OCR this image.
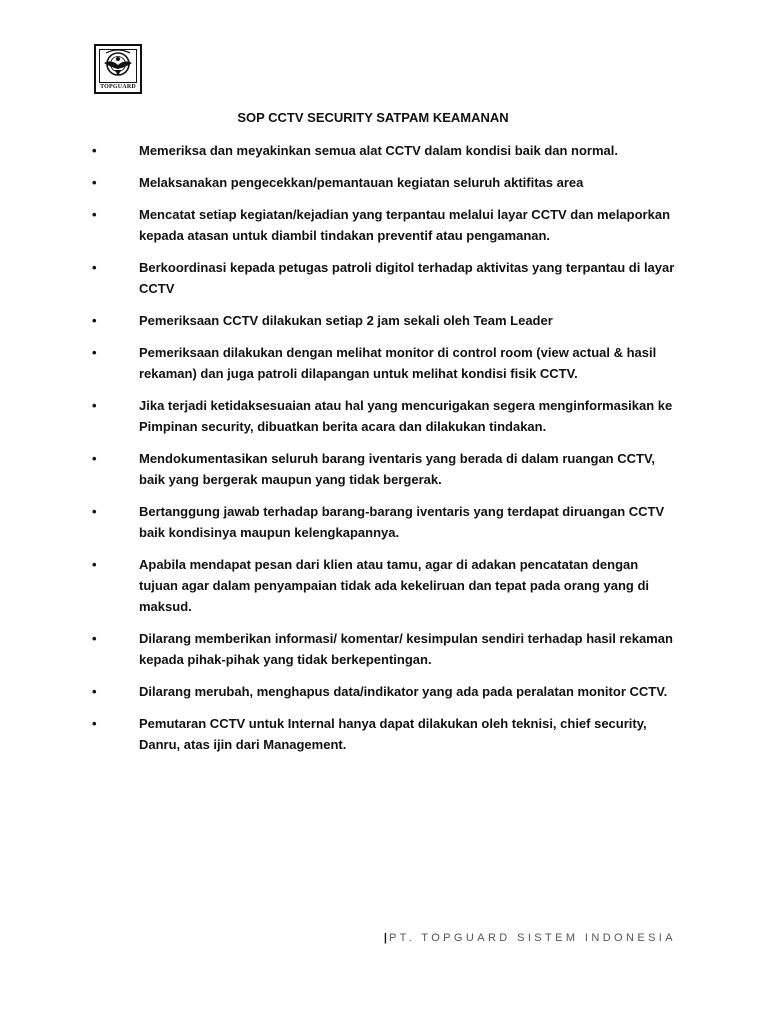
TOPGUARD
SOP CCTV SECURITY SATPAM KEAMANAN
•	Memeriksa dan meyakinkan semua alat CCTV dalam kondisi baik dan normal.
•	Melaksanakan pengecekkan/pemantauan kegiatan seluruh aktifitas area
•	Mencatat setiap kegiatan/kejadian yang terpantau melalui layar CCTV dan melaporkan kepada atasan untuk diambil tindakan preventif atau pengamanan.
•	Berkoordinasi kepada petugas patroli digitol terhadap aktivitas yang terpantau di layar CCTV
•	Pemeriksaan CCTV dilakukan setiap 2 jam sekali oleh Team Leader
•	Pemeriksaan dilakukan dengan melihat monitor di control room (view actual & hasil rekaman) dan juga patroli dilapangan untuk melihat kondisi fisik CCTV.
•	Jika terjadi ketidaksesuaian atau hal yang mencurigakan segera menginformasikan ke Pimpinan security, dibuatkan berita acara dan dilakukan tindakan.
•	Mendokumentasikan seluruh barang iventaris yang berada di dalam ruangan CCTV, baik yang bergerak maupun yang tidak bergerak.
•	Bertanggung jawab terhadap barang-barang iventaris yang terdapat diruangan CCTV baik kondisinya maupun kelengkapannya.
•	Apabila mendapat pesan dari klien atau tamu, agar di adakan pencatatan dengan tujuan agar dalam penyampaian tidak ada kekeliruan dan tepat pada orang yang di maksud.
•	Dilarang memberikan informasi/ komentar/ kesimpulan sendiri terhadap hasil rekaman kepada pihak-pihak yang tidak berkepentingan.
•	Dilarang merubah, menghapus data/indikator yang ada pada peralatan monitor CCTV.
•	Pemutaran CCTV untuk Internal hanya dapat dilakukan oleh teknisi, chief security, Danru, atas ijin dari Management.
|PT. TOPGUARD SISTEM INDONESIA
